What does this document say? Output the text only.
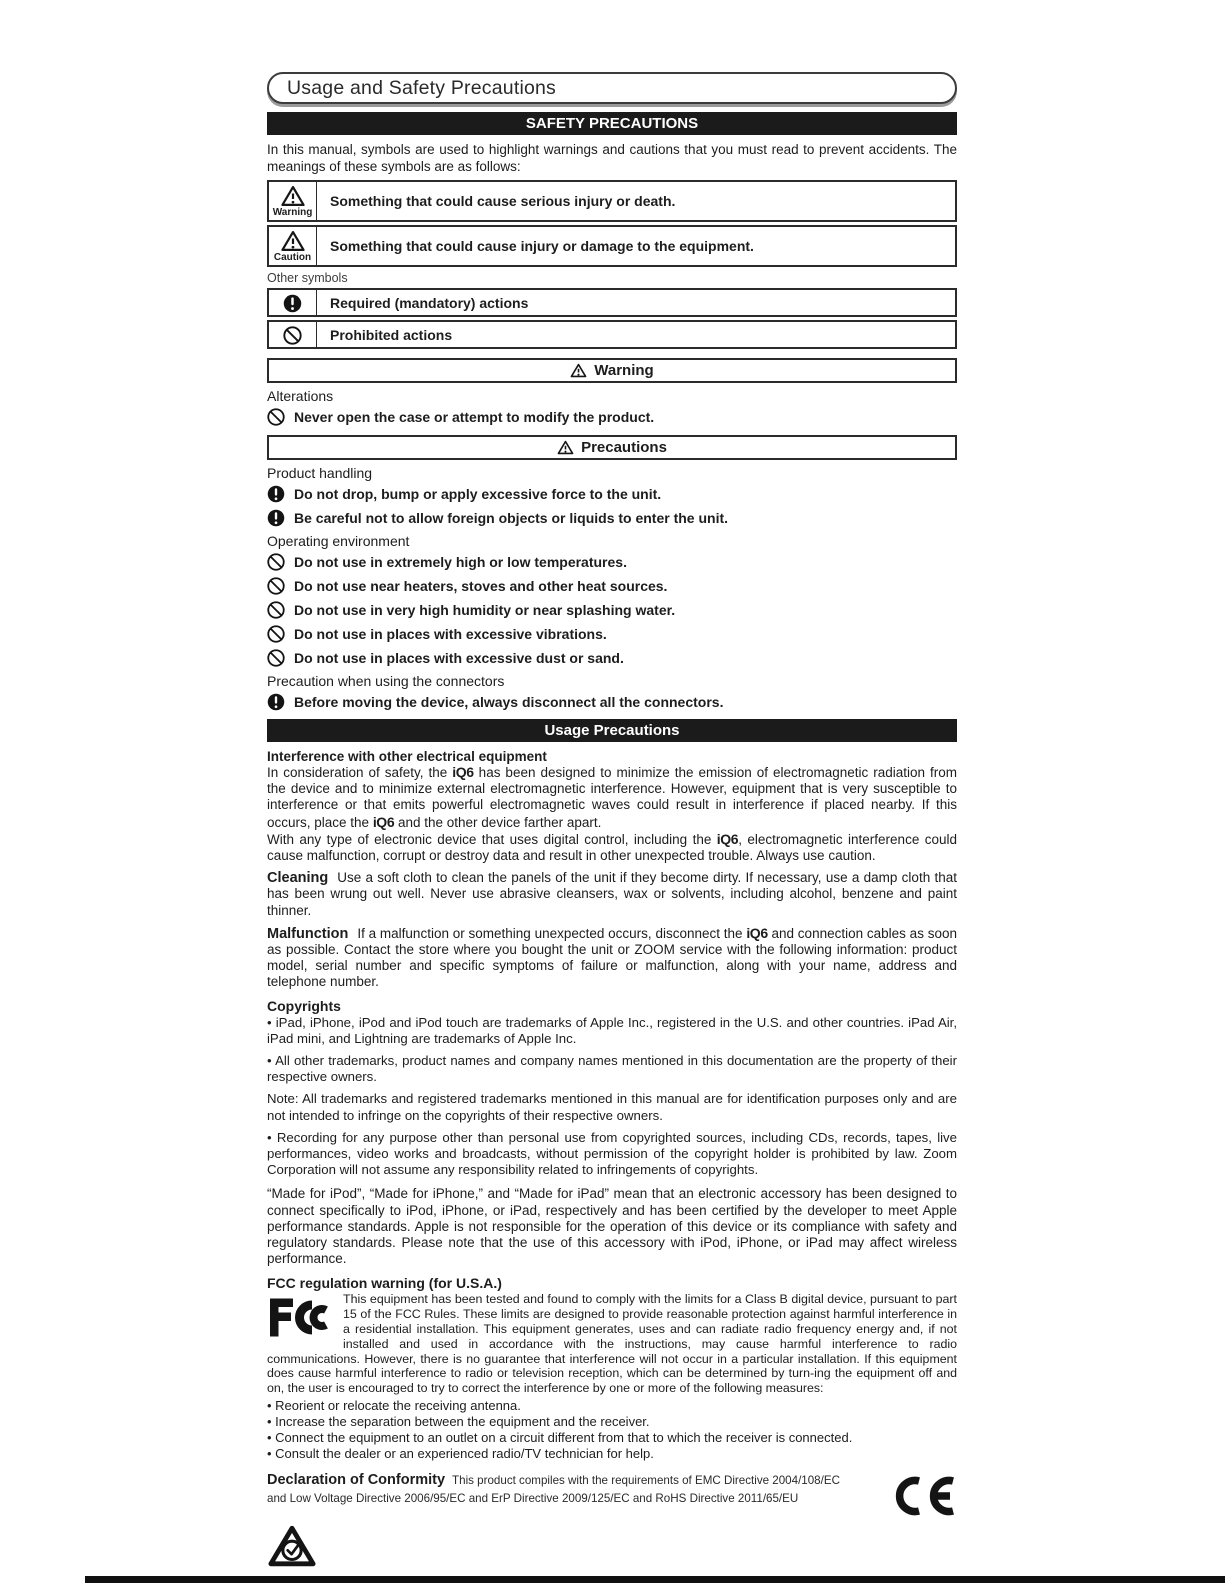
Usage and Safety Precautions
SAFETY PRECAUTIONS

In this manual, symbols are used to highlight warnings and cautions that you must read to prevent accidents. The meanings of these symbols are as follows:

Warning
Something that could cause serious injury or death.
Caution
Something that could cause injury or damage to the equipment.
Other symbols
Required (mandatory) actions
Prohibited actions
Warning
Alterations
Never open the case or attempt to modify the product.
Precautions
Product handling
Do not drop, bump or apply excessive force to the unit.
Be careful not to allow foreign objects or liquids to enter the unit.
Operating environment
Do not use in extremely high or low temperatures.
Do not use near heaters, stoves and other heat sources.
Do not use in very high humidity or near splashing water.
Do not use in places with excessive vibrations.
Do not use in places with excessive dust or sand.
Precaution when using the connectors
Before moving the device, always disconnect all the connectors.
Usage Precautions
Interference with other electrical equipment

In consideration of safety, the iQ6 has been designed to minimize the emission of electromagnetic radiation from the device and to minimize external electromagnetic interference. However, equipment that is very susceptible to interference or that emits powerful electromagnetic waves could result in interference if placed nearby. If this occurs, place the iQ6 and the other device farther apart.

With any type of electronic device that uses digital control, including the iQ6, electromagnetic interference could cause malfunction, corrupt or destroy data and result in other unexpected trouble. Always use caution.

Cleaning Use a soft cloth to clean the panels of the unit if they become dirty. If necessary, use a damp cloth that has been wrung out well. Never use abrasive cleansers, wax or solvents, including alcohol, benzene and paint thinner.

Malfunction If a malfunction or something unexpected occurs, disconnect the iQ6 and connection cables as soon as possible. Contact the store where you bought the unit or ZOOM service with the following information: product model, serial number and specific symptoms of failure or malfunction, along with your name, address and telephone number.

Copyrights

• iPad, iPhone, iPod and iPod touch are trademarks of Apple Inc., registered in the U.S. and other countries. iPad Air, iPad mini, and Lightning are trademarks of Apple Inc.

• All other trademarks, product names and company names mentioned in this documentation are the property of their respective owners.

Note: All trademarks and registered trademarks mentioned in this manual are for identification purposes only and are not intended to infringe on the copyrights of their respective owners.

• Recording for any purpose other than personal use from copyrighted sources, including CDs, records, tapes, live performances, video works and broadcasts, without permission of the copyright holder is prohibited by law. Zoom Corporation will not assume any responsibility related to infringements of copyrights.

“Made for iPod”, “Made for iPhone,” and “Made for iPad” mean that an electronic accessory has been designed to connect specifically to iPod, iPhone, or iPad, respectively and has been certified by the developer to meet Apple performance standards. Apple is not responsible for the operation of this device or its compliance with safety and regulatory standards. Please note that the use of this accessory with iPod, iPhone, or iPad may affect wireless performance.

FCC regulation warning (for U.S.A.)

This equipment has been tested and found to comply with the limits for a Class B digital device, pursuant to part 15 of the FCC Rules. These limits are designed to provide reasonable protection against harmful interference in a residential installation. This equipment generates, uses and can radiate radio frequency energy and, if not installed and used in accordance with the instructions, may cause harmful interference to radio communications. However, there is no guarantee that interference will not occur in a particular installation. If this equipment does cause harmful interference to radio or television reception, which can be determined by turn-ing the equipment off and on, the user is encouraged to try to correct the interference by one or more of the following measures:

• Reorient or relocate the receiving antenna.

• Increase the separation between the equipment and the receiver.

• Connect the equipment to an outlet on a circuit different from that to which the receiver is connected.

• Consult the dealer or an experienced radio/TV technician for help.

Declaration of Conformity This product compiles with the requirements of EMC Directive 2004/108/EC and Low Voltage Directive 2006/95/EC and ErP Directive 2009/125/EC and RoHS Directive 2011/65/EU
